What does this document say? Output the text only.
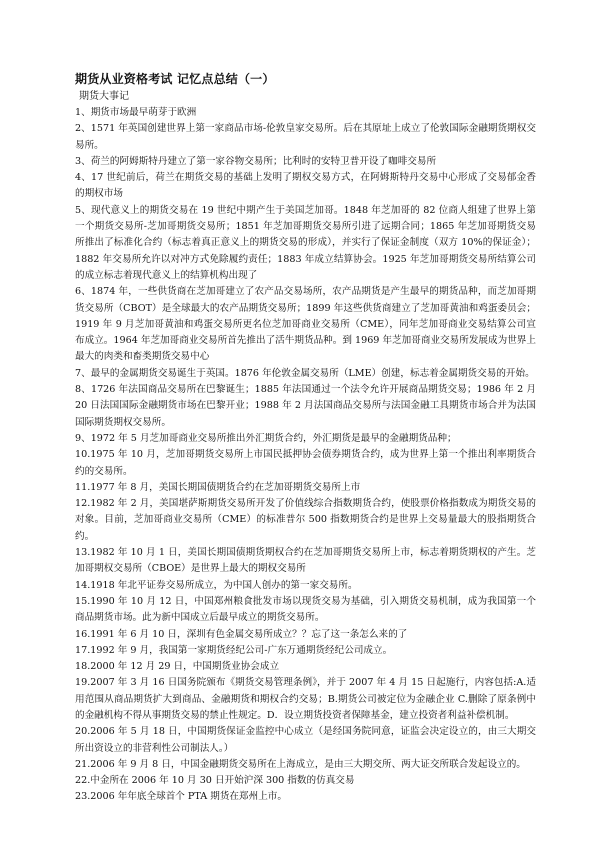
期货从业资格考试 记忆点总结（一）
期货大事记

1、期货市场最早萌芽于欧洲

2、1571 年英国创建世界上第一家商品市场-伦敦皇家交易所。后在其原址上成立了伦敦国际金融期货期权交易所。

3、荷兰的阿姆斯特丹建立了第一家谷物交易所；比利时的安特卫普开设了咖啡交易所

4、17 世纪前后，荷兰在期货交易的基础上发明了期权交易方式，在阿姆斯特丹交易中心形成了交易郁金香的期权市场

5、现代意义上的期货交易在 19 世纪中期产生于美国芝加哥。1848 年芝加哥的 82 位商人组建了世界上第一个期货交易所-芝加哥期货交易所；1851 年芝加哥期货交易所引进了远期合同；1865 年芝加哥期货交易所推出了标准化合约（标志着真正意义上的期货交易的形成），并实行了保证金制度（双方 10%的保证金）；1882 年交易所允许以对冲方式免除履约责任；1883 年成立结算协会。1925 年芝加哥期货交易所结算公司的成立标志着现代意义上的结算机构出现了

6、1874 年，一些供货商在芝加哥建立了农产品交易场所，农产品期货是产生最早的期货品种，而芝加哥期货交易所（CBOT）是全球最大的农产品期货交易所；1899 年这些供货商建立了芝加哥黄油和鸡蛋委员会；1919 年 9 月芝加哥黄油和鸡蛋交易所更名位芝加哥商业交易所（CME），同年芝加哥商业交易结算公司宣布成立。1964 年芝加哥商业交易所首先推出了活牛期货品种。到 1969 年芝加哥商业交易所发展成为世界上最大的肉类和畜类期货交易中心

7、最早的金属期货交易诞生于英国。1876 年伦敦金属交易所（LME）创建，标志着金属期货交易的开始。

8、1726 年法国商品交易所在巴黎诞生；1885 年法国通过一个法令允许开展商品期货交易；1986 年 2 月 20 日法国国际金融期货市场在巴黎开业；1988 年 2 月法国商品交易所与法国金融工具期货市场合并为法国国际期货期权交易所。

9、1972 年 5 月芝加哥商业交易所推出外汇期货合约，外汇期货是最早的金融期货品种；

10.1975 年 10 月，芝加哥期货交易所上市国民抵押协会债券期货合约，成为世界上第一个推出利率期货合约的交易所。

11.1977 年 8 月，美国长期国债期货合约在芝加哥期货交易所上市

12.1982 年 2 月，美国堪萨斯期货交易所开发了价值线综合指数期货合约，使股票价格指数成为期货交易的对象。目前，芝加哥商业交易所（CME）的标准普尔 500 指数期货合约是世界上交易量最大的股指期货合约。

13.1982 年 10 月 1 日，美国长期国债期货期权合约在芝加哥期货交易所上市，标志着期货期权的产生。芝加哥期权交易所（CBOE）是世界上最大的期权交易所

14.1918 年北平证券交易所成立，为中国人创办的第一家交易所。

15.1990 年 10 月 12 日，中国郑州粮食批发市场以现货交易为基础，引入期货交易机制，成为我国第一个商品期货市场。此为新中国成立后最早成立的期货交易所。

16.1991 年 6 月 10 日，深圳有色金属交易所成立？？忘了这一条怎么来的了

17.1992 年 9 月，我国第一家期货经纪公司-广东万通期货经纪公司成立。

18.2000 年 12 月 29 日，中国期货业协会成立

19.2007 年 3 月 16 日国务院颁布《期货交易管理条例》，并于 2007 年 4 月 15 日起施行，内容包括:A.适用范围从商品期货扩大到商品、金融期货和期权合约交易；B.期货公司被定位为金融企业 C.删除了原条例中的金融机构不得从事期货交易的禁止性规定。D．设立期货投资者保障基金，建立投资者利益补偿机制。

20.2006 年 5 月 18 日，中国期货保证金监控中心成立（是经国务院同意，证监会决定设立的，由三大期交所出资设立的非营利性公司制法人。）

21.2006 年 9 月 8 日，中国金融期货交易所在上海成立，是由三大期交所、两大证交所联合发起设立的。

22.中金所在 2006 年 10 月 30 日开始沪深 300 指数的仿真交易

23.2006 年年底全球首个 PTA 期货在郑州上市。
